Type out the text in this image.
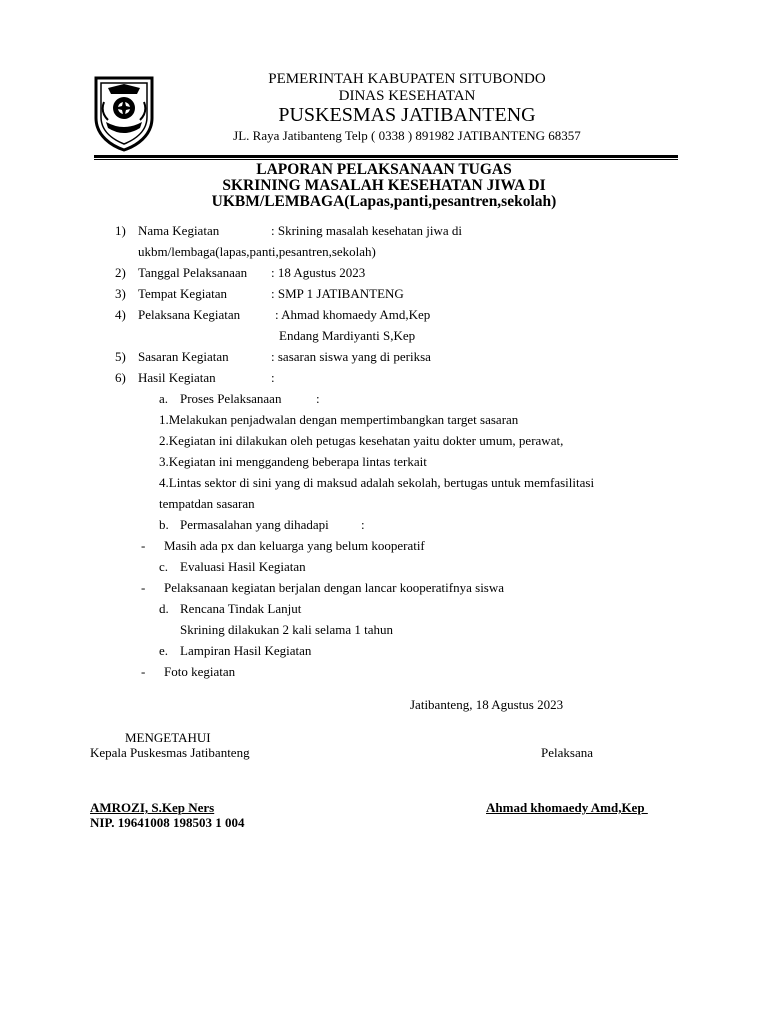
PEMERINTAH KABUPATEN SITUBONDO
DINAS KESEHATAN
PUSKESMAS JATIBANTENG
JL. Raya Jatibanteng Telp ( 0338 ) 891982 JATIBANTENG 68357
LAPORAN PELAKSANAAN TUGAS
SKRINING MASALAH KESEHATAN JIWA DI
UKBM/LEMBAGA(Lapas,panti,pesantren,sekolah)
1) Nama Kegiatan	: Skrining masalah kesehatan jiwa di
ukbm/lembaga(lapas,panti,pesantren,sekolah)
2) Tanggal Pelaksanaan : 18 Agustus 2023
3) Tempat Kegiatan	: SMP 1 JATIBANTENG
4) Pelaksana Kegiatan	: Ahmad khomaedy Amd,Kep
Endang Mardiyanti S,Kep
5) Sasaran Kegiatan	: sasaran siswa yang di periksa
6) Hasil Kegiatan	:
a. Proses Pelaksanaan	:
1.Melakukan penjadwalan dengan mempertimbangkan target sasaran
2.Kegiatan ini dilakukan oleh petugas kesehatan yaitu dokter umum, perawat,
3.Kegiatan ini menggandeng beberapa lintas terkait
4.Lintas sektor di sini yang di maksud adalah sekolah, bertugas untuk memfasilitasi
tempatdan sasaran
b. Permasalahan yang dihadapi :
- Masih ada px dan keluarga yang belum kooperatif
c. Evaluasi Hasil Kegiatan
- Pelaksanaan kegiatan berjalan dengan lancar kooperatifnya siswa
d. Rencana Tindak Lanjut
Skrining dilakukan 2 kali selama 1 tahun
e. Lampiran Hasil Kegiatan
- Foto kegiatan
Jatibanteng, 18 Agustus 2023
MENGETAHUI
Kepala Puskesmas Jatibanteng	Pelaksana
AMROZI, S.Kep Ners
NIP. 19641008 198503 1 004
Ahmad khomaedy Amd,Kep
